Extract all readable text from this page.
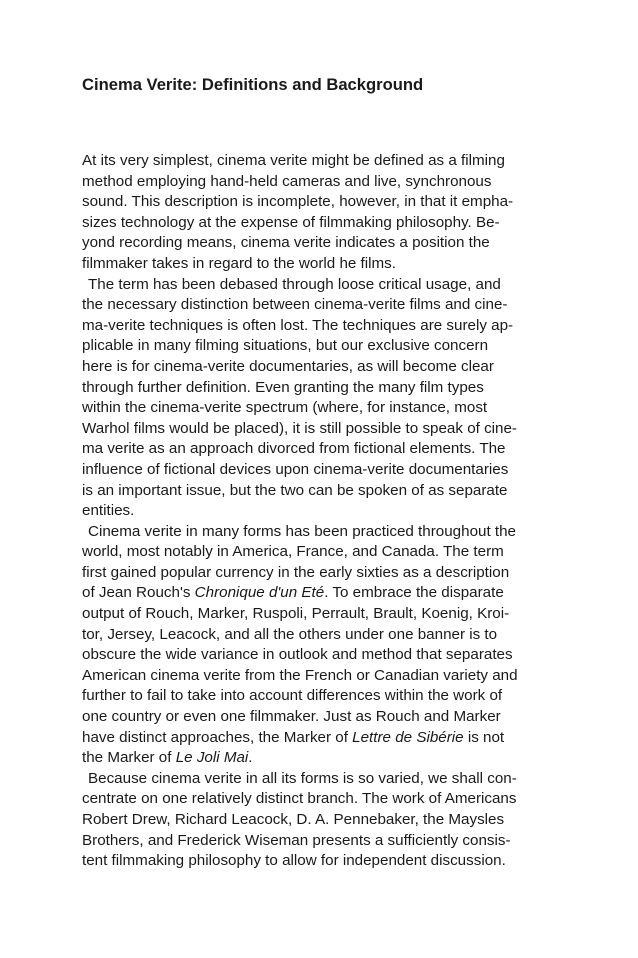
Cinema Verite: Definitions and Background

At its very simplest, cinema verite might be defined as a filming
method employing hand-held cameras and live, synchronous
sound. This description is incomplete, however, in that it empha-
sizes technology at the expense of filmmaking philosophy. Be-
yond recording means, cinema verite indicates a position the
filmmaker takes in regard to the world he films.

The term has been debased through loose critical usage, and
the necessary distinction between cinema-verite films and cine-
ma-verite techniques is often lost. The techniques are surely ap-
plicable in many filming situations, but our exclusive concern
here is for cinema-verite documentaries, as will become clear
through further definition. Even granting the many film types
within the cinema-verite spectrum (where, for instance, most
Warhol films would be placed), it is still possible to speak of cine-
ma verite as an approach divorced from fictional elements. The
influence of fictional devices upon cinema-verite documentaries
is an important issue, but the two can be spoken of as separate
entities.

Cinema verite in many forms has been practiced throughout the
world, most notably in America, France, and Canada. The term
first gained popular currency in the early sixties as a description
of Jean Rouch's Chronique d'un Eté. To embrace the disparate
output of Rouch, Marker, Ruspoli, Perrault, Brault, Koenig, Kroi-
tor, Jersey, Leacock, and all the others under one banner is to
obscure the wide variance in outlook and method that separates
American cinema verite from the French or Canadian variety and
further to fail to take into account differences within the work of
one country or even one filmmaker. Just as Rouch and Marker
have distinct approaches, the Marker of Lettre de Sibérie is not
the Marker of Le Joli Mai.

Because cinema verite in all its forms is so varied, we shall con-
centrate on one relatively distinct branch. The work of Americans
Robert Drew, Richard Leacock, D. A. Pennebaker, the Maysles
Brothers, and Frederick Wiseman presents a sufficiently consis-
tent filmmaking philosophy to allow for independent discussion.
